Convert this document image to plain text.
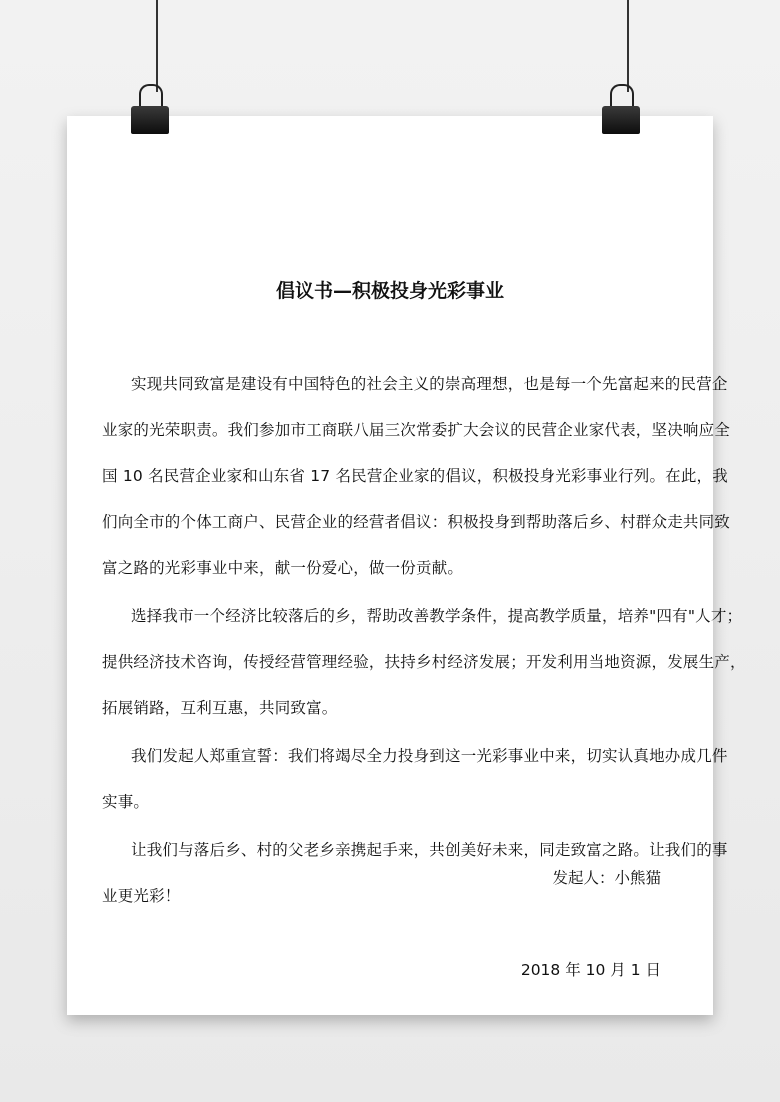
倡议书—积极投身光彩事业
实现共同致富是建设有中国特色的社会主义的崇高理想，也是每一个先富起来的民营企
业家的光荣职责。我们参加市工商联八届三次常委扩大会议的民营企业家代表，坚决响应全
国 10 名民营企业家和山东省 17 名民营企业家的倡议，积极投身光彩事业行列。在此，我
们向全市的个体工商户、民营企业的经营者倡议：积极投身到帮助落后乡、村群众走共同致
富之路的光彩事业中来，献一份爱心，做一份贡献。
选择我市一个经济比较落后的乡，帮助改善教学条件，提高教学质量，培养"四有"人才；
提供经济技术咨询，传授经营管理经验，扶持乡村经济发展；开发利用当地资源，发展生产，
拓展销路，互利互惠，共同致富。
我们发起人郑重宣誓：我们将竭尽全力投身到这一光彩事业中来，切实认真地办成几件
实事。
让我们与落后乡、村的父老乡亲携起手来，共创美好未来，同走致富之路。让我们的事
业更光彩！
发起人：小熊猫
2018 年 10 月 1 日
